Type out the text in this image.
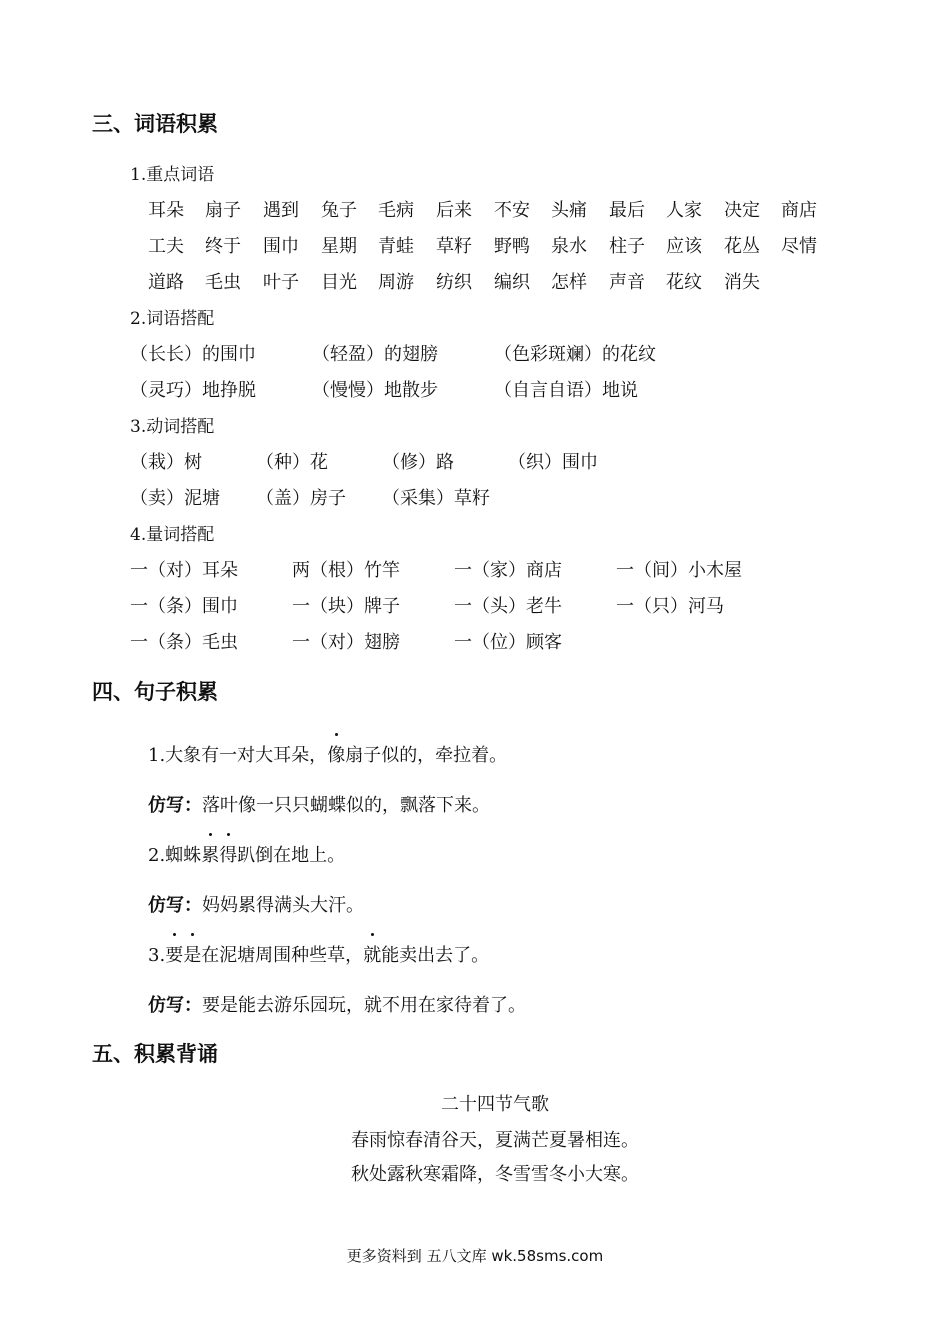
三、词语积累
1.重点词语
耳朵 扇子 遇到 兔子 毛病 后来 不安 头痛 最后 人家 决定 商店
工夫 终于 围巾 星期 青蛙 草籽 野鸭 泉水 柱子 应该 花丛 尽情
道路 毛虫 叶子 目光 周游 纺织 编织 怎样 声音 花纹 消失
2.词语搭配
（长长）的围巾	（轻盈）的翅膀	（色彩斑斓）的花纹
（灵巧）地挣脱	（慢慢）地散步	（自言自语）地说
3.动词搭配
（栽）树	（种）花	（修）路	（织）围巾
（卖）泥塘 （盖）房子 （采集）草籽
4.量词搭配
一（对）耳朵	两（根）竹竿	一（家）商店	一（间）小木屋
一（条）围巾	一（块）牌子	一（头）老牛	一（只）河马
一（条）毛虫	一（对）翅膀	一（位）顾客
四、句子积累
1.大象有一对大耳朵，像扇子似的，牵拉着。
仿写：落叶像一只只蝴蝶似的，飘落下来。
2.蜘蛛累得趴倒在地上。
仿写：妈妈累得满头大汗。
3.要是在泥塘周围种些草，就能卖出去了。
仿写：要是能去游乐园玩，就不用在家待着了。
五、积累背诵
二十四节气歌
春雨惊春清谷天，夏满芒夏暑相连。
秋处露秋寒霜降，冬雪雪冬小大寒。
更多资料到 五八文库 wk.58sms.com
